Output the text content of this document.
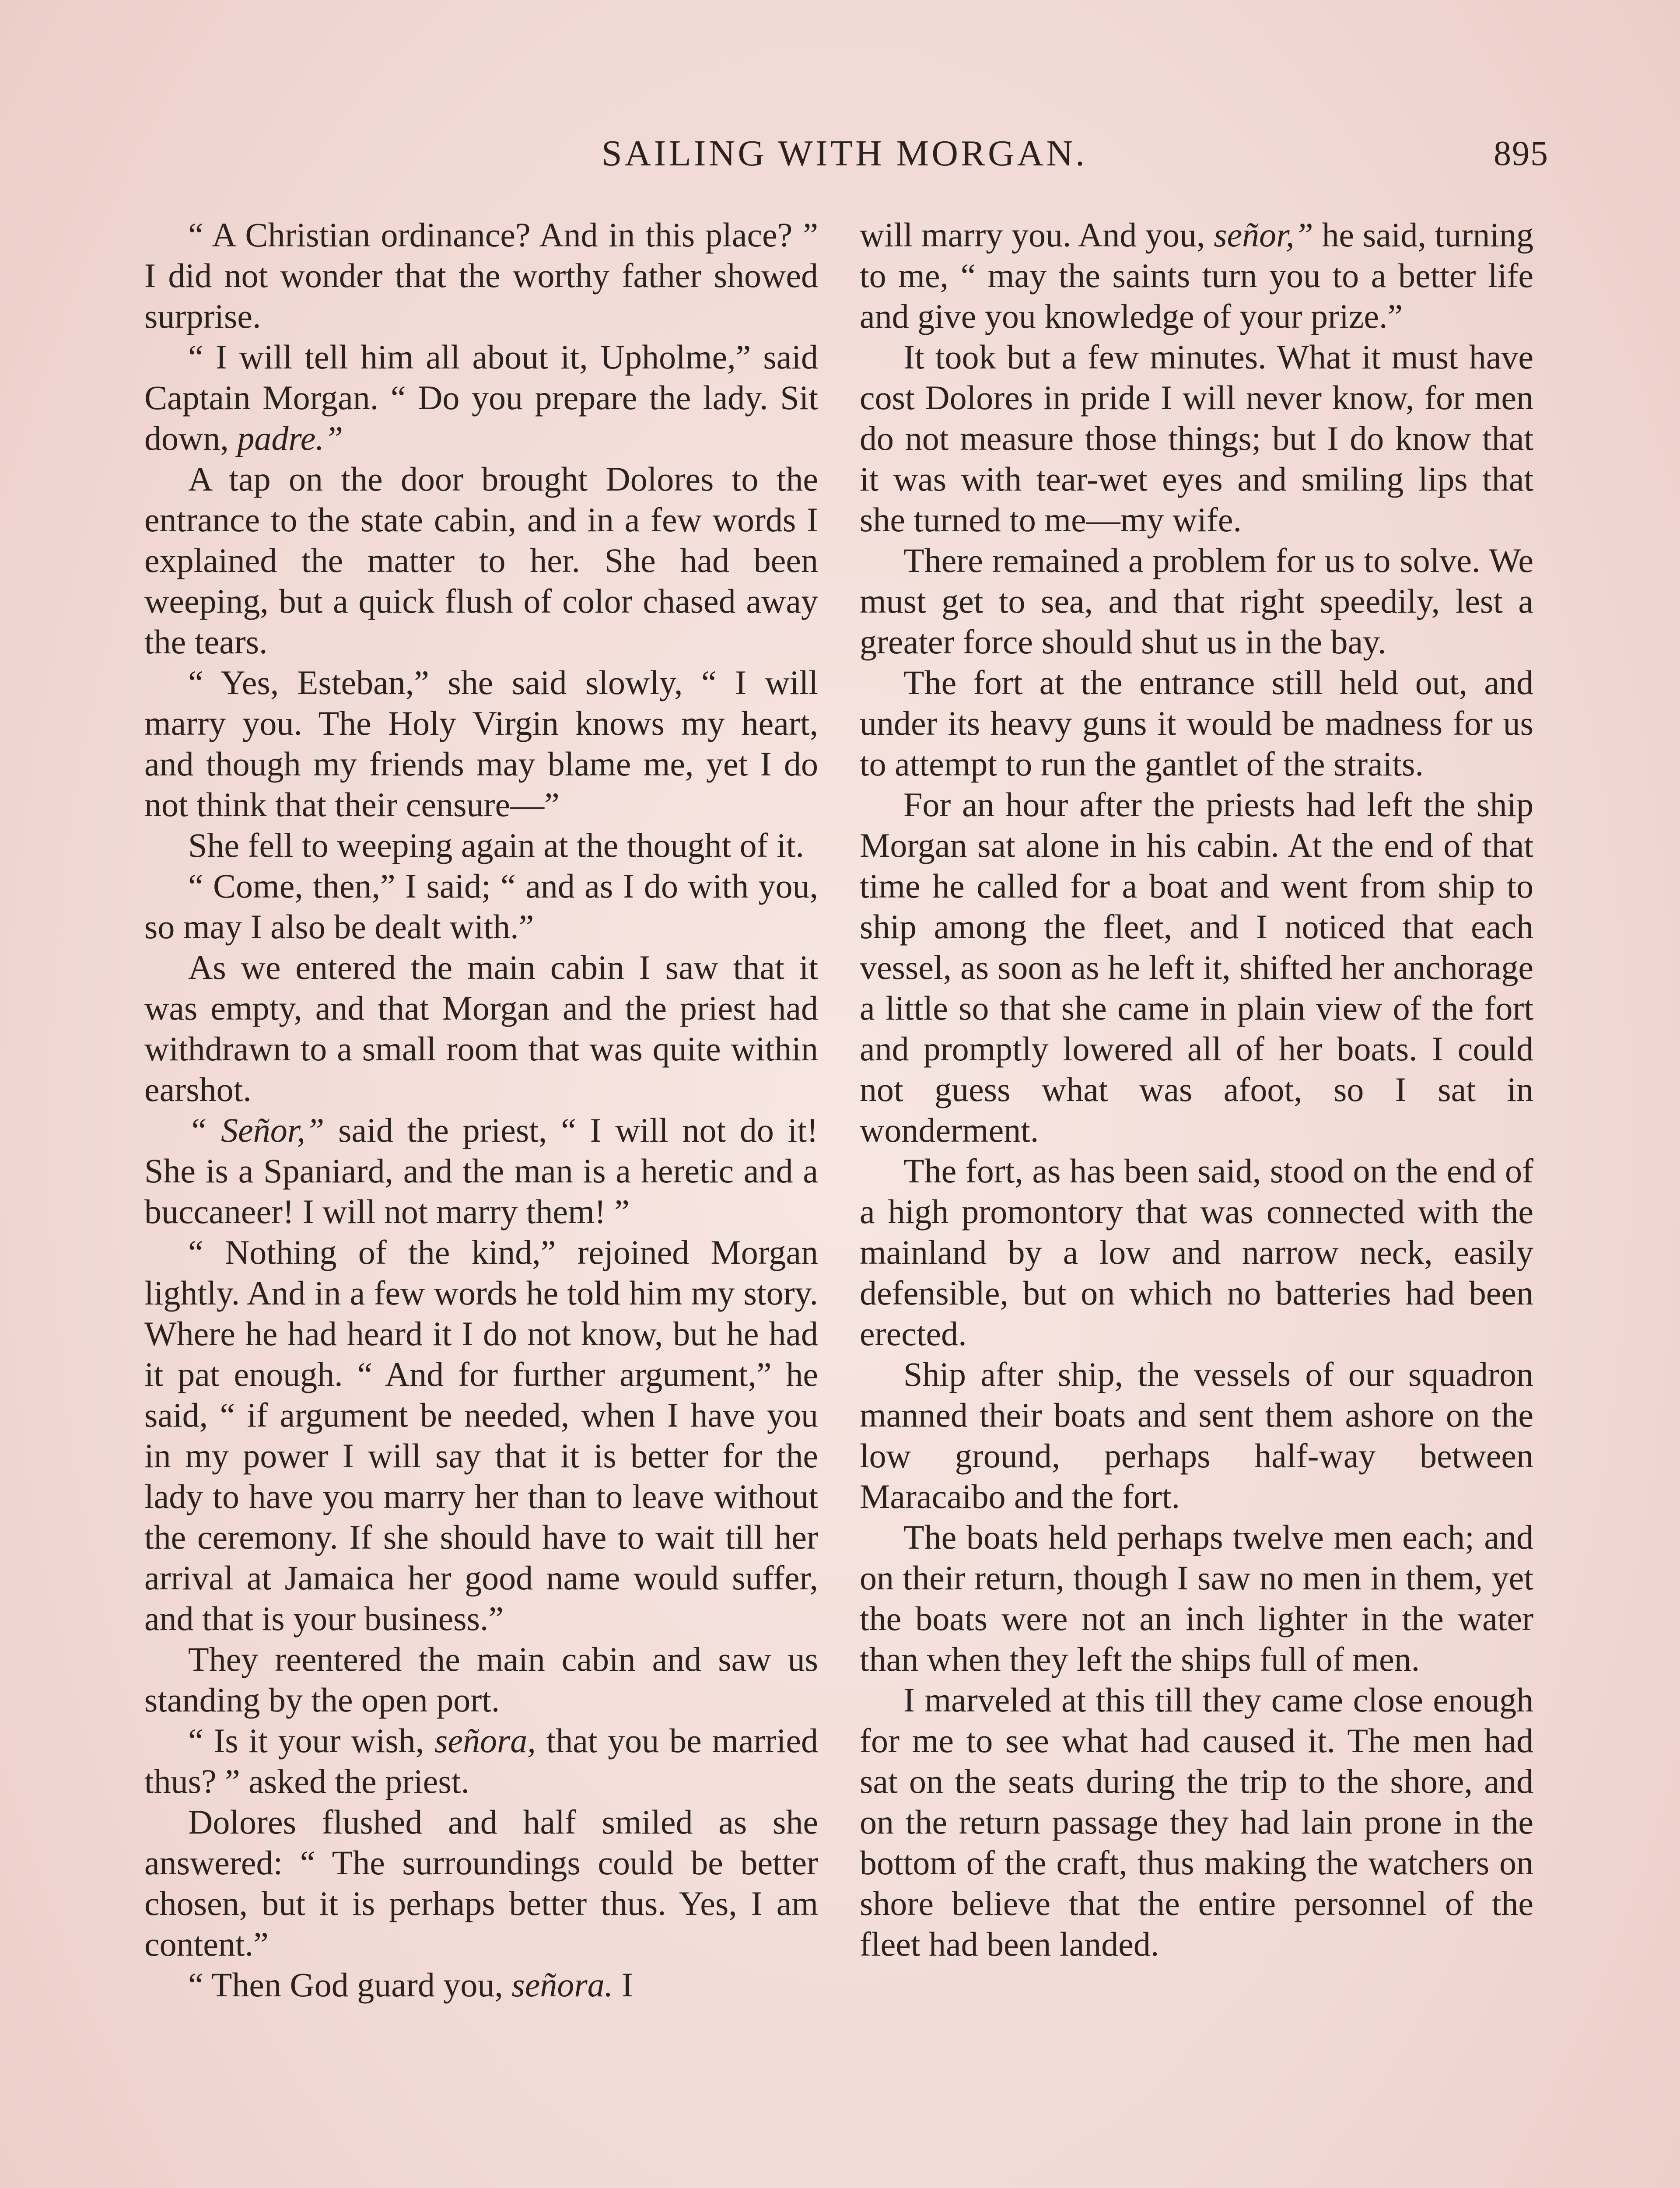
SAILING WITH MORGAN.	895

“ A Christian ordinance? And in this place? ” I did not wonder that the worthy father showed surprise.

“ I will tell him all about it, Upholme,” said Captain Morgan. “ Do you prepare the lady. Sit down, padre.”

A tap on the door brought Dolores to the entrance to the state cabin, and in a few words I explained the matter to her. She had been weeping, but a quick flush of color chased away the tears.

“ Yes, Esteban,” she said slowly, “ I will marry you. The Holy Virgin knows my heart, and though my friends may blame me, yet I do not think that their censure—”

She fell to weeping again at the thought of it.

“ Come, then,” I said; “ and as I do with you, so may I also be dealt with.”

As we entered the main cabin I saw that it was empty, and that Morgan and the priest had withdrawn to a small room that was quite within earshot.

“ Señor,” said the priest, “ I will not do it! She is a Spaniard, and the man is a heretic and a buccaneer! I will not marry them! ”

“ Nothing of the kind,” rejoined Morgan lightly. And in a few words he told him my story. Where he had heard it I do not know, but he had it pat enough. “ And for further argument,” he said, “ if argument be needed, when I have you in my power I will say that it is better for the lady to have you marry her than to leave without the ceremony. If she should have to wait till her arrival at Jamaica her good name would suffer, and that is your business.”

They reentered the main cabin and saw us standing by the open port.

“ Is it your wish, señora, that you be married thus? ” asked the priest.

Dolores flushed and half smiled as she answered: “ The surroundings could be better chosen, but it is perhaps better thus. Yes, I am content.”

“ Then God guard you, señora. I

will marry you. And you, señor,” he said, turning to me, “ may the saints turn you to a better life and give you knowledge of your prize.”

It took but a few minutes. What it must have cost Dolores in pride I will never know, for men do not measure those things; but I do know that it was with tear-wet eyes and smiling lips that she turned to me—my wife.

There remained a problem for us to solve. We must get to sea, and that right speedily, lest a greater force should shut us in the bay.

The fort at the entrance still held out, and under its heavy guns it would be madness for us to attempt to run the gantlet of the straits.

For an hour after the priests had left the ship Morgan sat alone in his cabin. At the end of that time he called for a boat and went from ship to ship among the fleet, and I noticed that each vessel, as soon as he left it, shifted her anchorage a little so that she came in plain view of the fort and promptly lowered all of her boats. I could not guess what was afoot, so I sat in wonderment.

The fort, as has been said, stood on the end of a high promontory that was connected with the mainland by a low and narrow neck, easily defensible, but on which no batteries had been erected.

Ship after ship, the vessels of our squadron manned their boats and sent them ashore on the low ground, perhaps half-way between Maracaibo and the fort.

The boats held perhaps twelve men each; and on their return, though I saw no men in them, yet the boats were not an inch lighter in the water than when they left the ships full of men.

I marveled at this till they came close enough for me to see what had caused it. The men had sat on the seats during the trip to the shore, and on the return passage they had lain prone in the bottom of the craft, thus making the watchers on shore believe that the entire personnel of the fleet had been landed.
